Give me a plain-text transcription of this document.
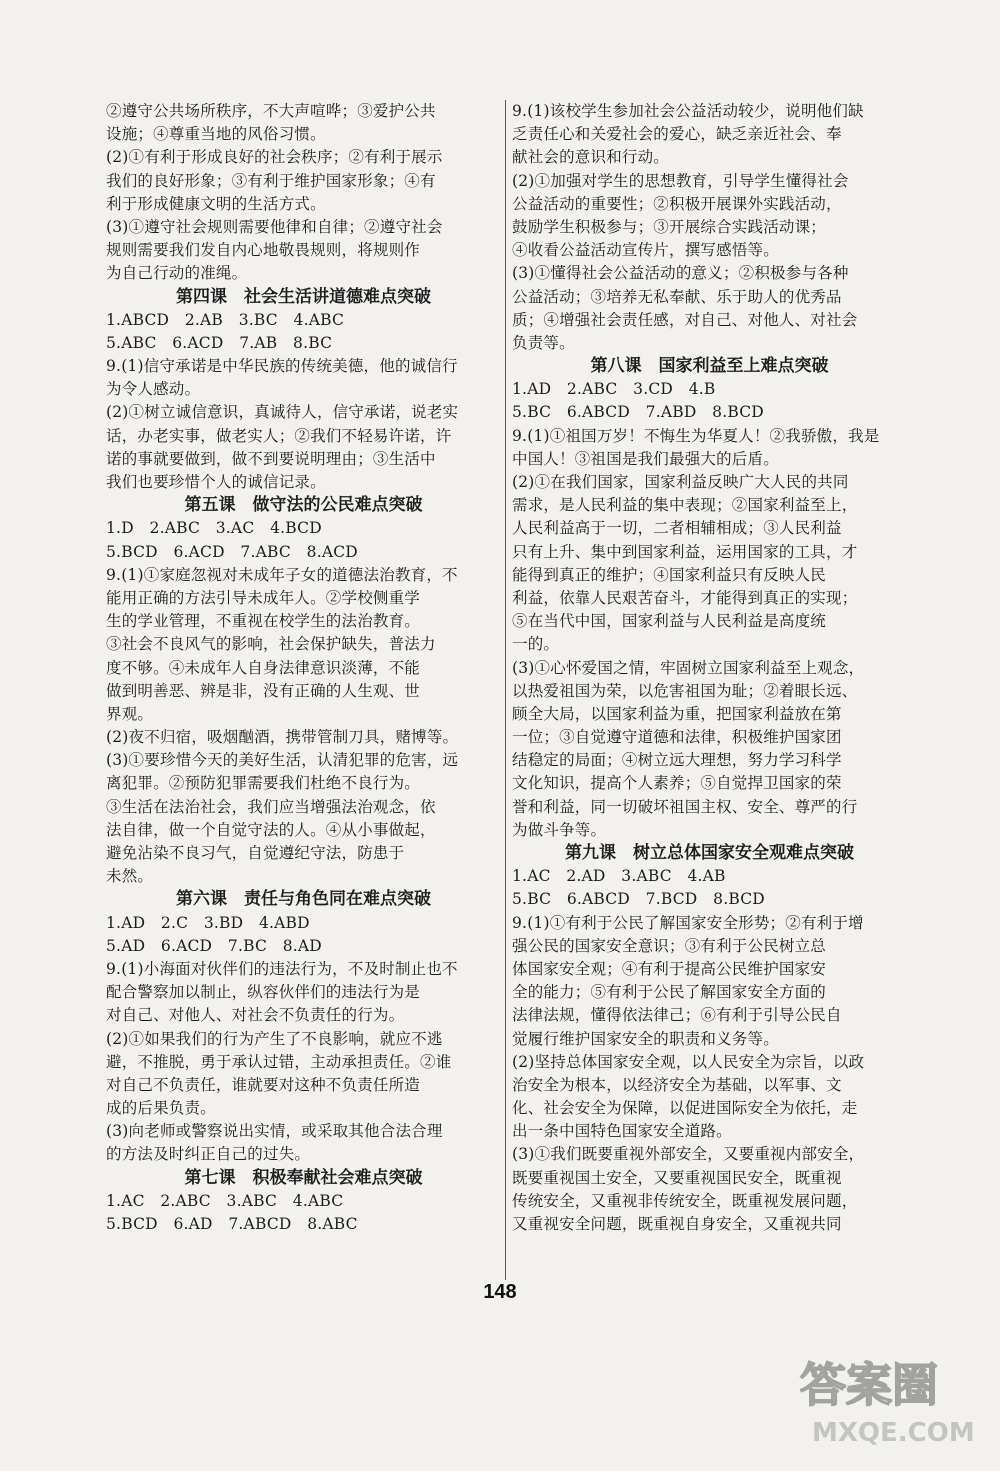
②遵守公共场所秩序，不大声喧哗；③爱护公共
设施；④尊重当地的风俗习惯。
(2)①有利于形成良好的社会秩序；②有利于展示
我们的良好形象；③有利于维护国家形象；④有
利于形成健康文明的生活方式。
(3)①遵守社会规则需要他律和自律；②遵守社会
规则需要我们发自内心地敬畏规则，将规则作
为自己行动的准绳。
第四课　社会生活讲道德难点突破
1.ABCD　2.AB　3.BC　4.ABC
5.ABC　6.ACD　7.AB　8.BC
9.(1)信守承诺是中华民族的传统美德，他的诚信行
为令人感动。
(2)①树立诚信意识，真诚待人，信守承诺，说老实
话，办老实事，做老实人；②我们不轻易许诺，许
诺的事就要做到，做不到要说明理由；③生活中
我们也要珍惜个人的诚信记录。
第五课　做守法的公民难点突破
1.D　2.ABC　3.AC　4.BCD
5.BCD　6.ACD　7.ABC　8.ACD
9.(1)①家庭忽视对未成年子女的道德法治教育，不
能用正确的方法引导未成年人。②学校侧重学
生的学业管理，不重视在校学生的法治教育。
③社会不良风气的影响，社会保护缺失，普法力
度不够。④未成年人自身法律意识淡薄，不能
做到明善恶、辨是非，没有正确的人生观、世
界观。
(2)夜不归宿，吸烟酗酒，携带管制刀具，赌博等。
(3)①要珍惜今天的美好生活，认清犯罪的危害，远
离犯罪。②预防犯罪需要我们杜绝不良行为。
③生活在法治社会，我们应当增强法治观念，依
法自律，做一个自觉守法的人。④从小事做起，
避免沾染不良习气，自觉遵纪守法，防患于
未然。
第六课　责任与角色同在难点突破
1.AD　2.C　3.BD　4.ABD
5.AD　6.ACD　7.BC　8.AD
9.(1)小海面对伙伴们的违法行为，不及时制止也不
配合警察加以制止，纵容伙伴们的违法行为是
对自己、对他人、对社会不负责任的行为。
(2)①如果我们的行为产生了不良影响，就应不逃
避，不推脱，勇于承认过错，主动承担责任。②谁
对自己不负责任，谁就要对这种不负责任所造
成的后果负责。
(3)向老师或警察说出实情，或采取其他合法合理
的方法及时纠正自己的过失。
第七课　积极奉献社会难点突破
1.AC　2.ABC　3.ABC　4.ABC
5.BCD　6.AD　7.ABCD　8.ABC
9.(1)该校学生参加社会公益活动较少，说明他们缺
乏责任心和关爱社会的爱心，缺乏亲近社会、奉
献社会的意识和行动。
(2)①加强对学生的思想教育，引导学生懂得社会
公益活动的重要性；②积极开展课外实践活动，
鼓励学生积极参与；③开展综合实践活动课；
④收看公益活动宣传片，撰写感悟等。
(3)①懂得社会公益活动的意义；②积极参与各种
公益活动；③培养无私奉献、乐于助人的优秀品
质；④增强社会责任感，对自己、对他人、对社会
负责等。
第八课　国家利益至上难点突破
1.AD　2.ABC　3.CD　4.B
5.BC　6.ABCD　7.ABD　8.BCD
9.(1)①祖国万岁！不悔生为华夏人！②我骄傲，我是
中国人！③祖国是我们最强大的后盾。
(2)①在我们国家，国家利益反映广大人民的共同
需求，是人民利益的集中表现；②国家利益至上，
人民利益高于一切，二者相辅相成；③人民利益
只有上升、集中到国家利益，运用国家的工具，才
能得到真正的维护；④国家利益只有反映人民
利益，依靠人民艰苦奋斗，才能得到真正的实现；
⑤在当代中国，国家利益与人民利益是高度统
一的。
(3)①心怀爱国之情，牢固树立国家利益至上观念，
以热爱祖国为荣，以危害祖国为耻；②着眼长远、
顾全大局，以国家利益为重，把国家利益放在第
一位；③自觉遵守道德和法律，积极维护国家团
结稳定的局面；④树立远大理想，努力学习科学
文化知识，提高个人素养；⑤自觉捍卫国家的荣
誉和利益，同一切破坏祖国主权、安全、尊严的行
为做斗争等。
第九课　树立总体国家安全观难点突破
1.AC　2.AD　3.ABC　4.AB
5.BC　6.ABCD　7.BCD　8.BCD
9.(1)①有利于公民了解国家安全形势；②有利于增
强公民的国家安全意识；③有利于公民树立总
体国家安全观；④有利于提高公民维护国家安
全的能力；⑤有利于公民了解国家安全方面的
法律法规，懂得依法律己；⑥有利于引导公民自
觉履行维护国家安全的职责和义务等。
(2)坚持总体国家安全观，以人民安全为宗旨，以政
治安全为根本，以经济安全为基础，以军事、文
化、社会安全为保障，以促进国际安全为依托，走
出一条中国特色国家安全道路。
(3)①我们既要重视外部安全，又要重视内部安全，
既要重视国土安全，又要重视国民安全，既重视
传统安全，又重视非传统安全，既重视发展问题，
又重视安全问题，既重视自身安全，又重视共同
148
答案圈
MXQE.COM
